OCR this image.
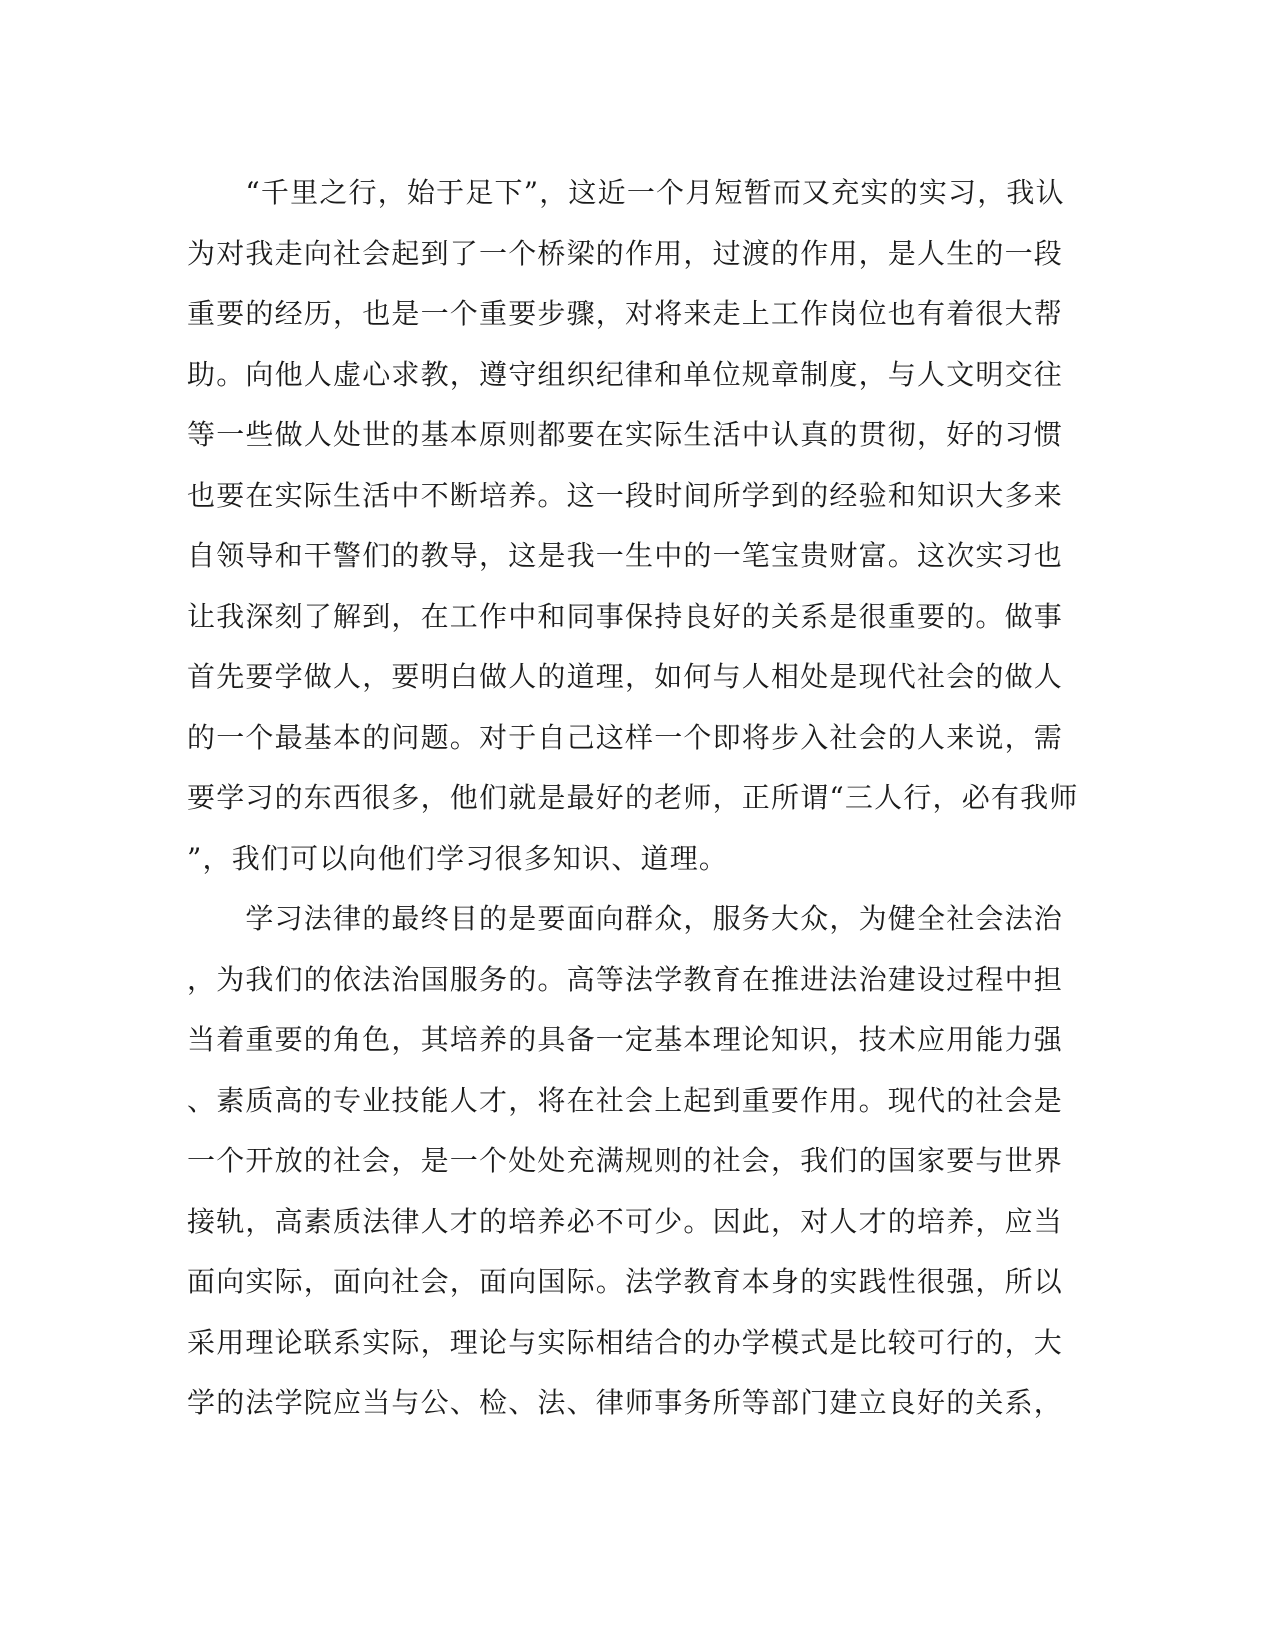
　　“千里之行，始于足下”，这近一个月短暂而又充实的实习，我认
为对我走向社会起到了一个桥梁的作用，过渡的作用，是人生的一段
重要的经历，也是一个重要步骤，对将来走上工作岗位也有着很大帮
助。向他人虚心求教，遵守组织纪律和单位规章制度，与人文明交往
等一些做人处世的基本原则都要在实际生活中认真的贯彻，好的习惯
也要在实际生活中不断培养。这一段时间所学到的经验和知识大多来
自领导和干警们的教导，这是我一生中的一笔宝贵财富。这次实习也
让我深刻了解到，在工作中和同事保持良好的关系是很重要的。做事
首先要学做人，要明白做人的道理，如何与人相处是现代社会的做人
的一个最基本的问题。对于自己这样一个即将步入社会的人来说，需
要学习的东西很多，他们就是最好的老师，正所谓“三人行，必有我师
”，我们可以向他们学习很多知识、道理。
　　学习法律的最终目的是要面向群众，服务大众，为健全社会法治
，为我们的依法治国服务的。高等法学教育在推进法治建设过程中担
当着重要的角色，其培养的具备一定基本理论知识，技术应用能力强
、素质高的专业技能人才，将在社会上起到重要作用。现代的社会是
一个开放的社会，是一个处处充满规则的社会，我们的国家要与世界
接轨，高素质法律人才的培养必不可少。因此，对人才的培养，应当
面向实际，面向社会，面向国际。法学教育本身的实践性很强，所以
采用理论联系实际，理论与实际相结合的办学模式是比较可行的，大
学的法学院应当与公、检、法、律师事务所等部门建立良好的关系，
